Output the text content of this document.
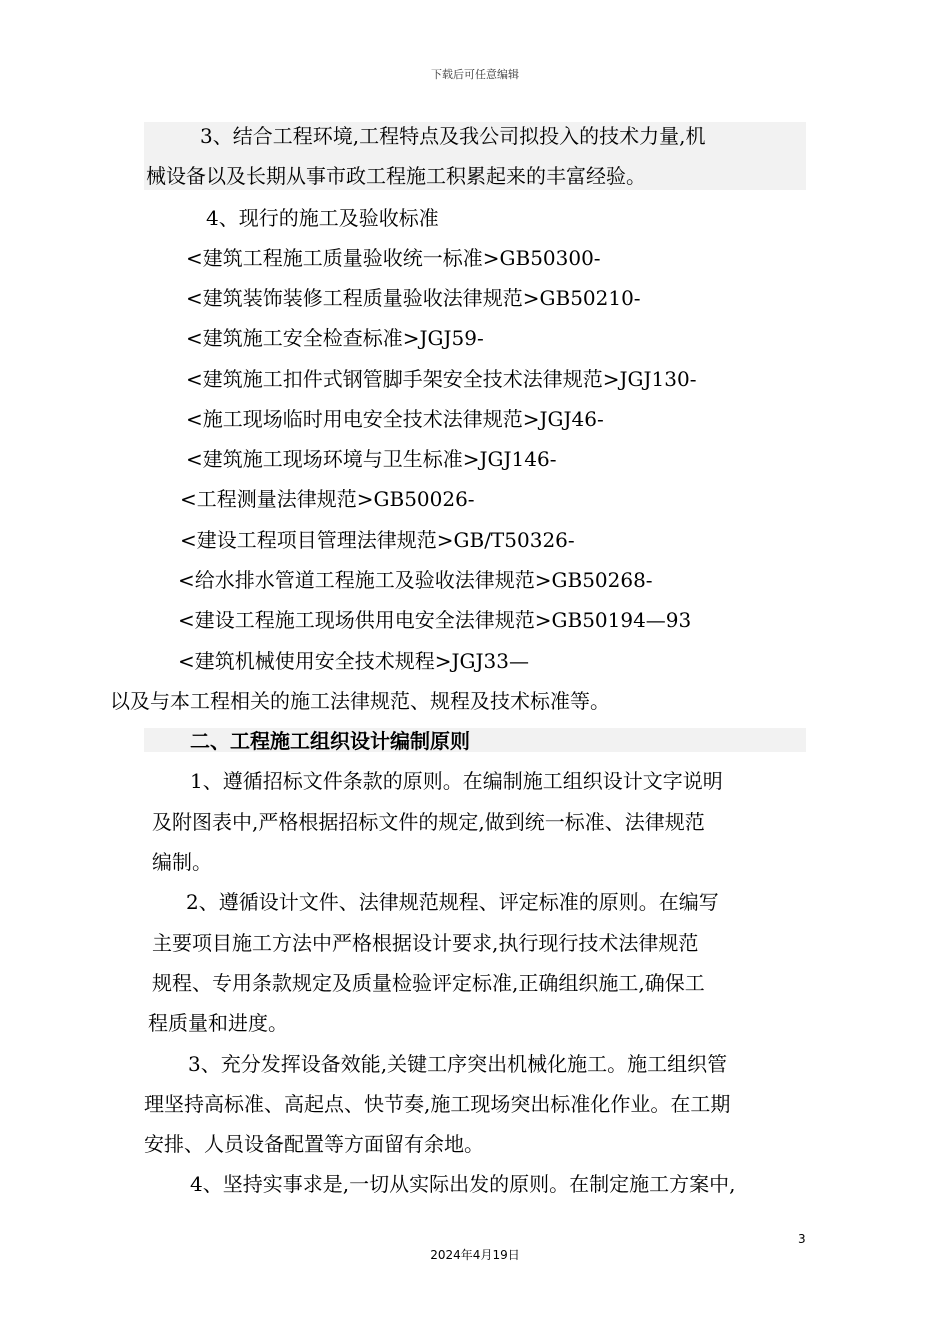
下载后可任意编辑
3、结合工程环境,工程特点及我公司拟投入的技术力量,机
械设备以及长期从事市政工程施工积累起来的丰富经验。
4、现行的施工及验收标准
<建筑工程施工质量验收统一标准>GB50300-
<建筑装饰装修工程质量验收法律规范>GB50210-
<建筑施工安全检查标准>JGJ59-
<建筑施工扣件式钢管脚手架安全技术法律规范>JGJ130-
<施工现场临时用电安全技术法律规范>JGJ46-
<建筑施工现场环境与卫生标准>JGJ146-
<工程测量法律规范>GB50026-
<建设工程项目管理法律规范>GB/T50326-
<给水排水管道工程施工及验收法律规范>GB50268-
<建设工程施工现场供用电安全法律规范>GB50194—93
<建筑机械使用安全技术规程>JGJ33—
以及与本工程相关的施工法律规范、规程及技术标准等。
二、工程施工组织设计编制原则
1、遵循招标文件条款的原则。在编制施工组织设计文字说明
及附图表中,严格根据招标文件的规定,做到统一标准、法律规范
编制。
2、遵循设计文件、法律规范规程、评定标准的原则。在编写
主要项目施工方法中严格根据设计要求,执行现行技术法律规范
规程、专用条款规定及质量检验评定标准,正确组织施工,确保工
程质量和进度。
3、充分发挥设备效能,关键工序突出机械化施工。施工组织管
理坚持高标准、高起点、快节奏,施工现场突出标准化作业。在工期
安排、人员设备配置等方面留有余地。
4、坚持实事求是,一切从实际出发的原则。在制定施工方案中,
3
2024年4月19日
